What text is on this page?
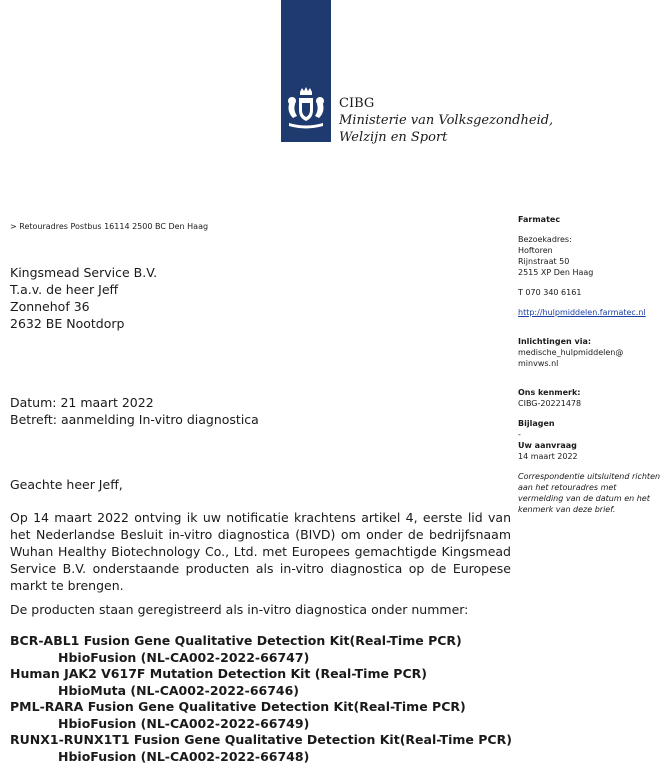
CIBG
Ministerie van Volksgezondheid,
Welzijn en Sport
> Retouradres Postbus 16114 2500 BC Den Haag
Farmatec
Bezoekadres:
Hoftoren
Rijnstraat 50
2515 XP Den Haag
T 070 340 6161
http://hulpmiddelen.farmatec.nl
Inlichtingen via:
medische_hulpmiddelen@
minvws.nl
Ons kenmerk:
CIBG-20221478
Bijlagen
-
Uw aanvraag
14 maart 2022
Correspondentie uitsluitend richten aan het retouradres met vermelding van de datum en het kenmerk van deze brief.
Kingsmead Service B.V.
T.a.v. de heer Jeff
Zonnehof 36
2632 BE Nootdorp
Datum: 21 maart 2022
Betreft: aanmelding In-vitro diagnostica
Geachte heer Jeff,
Op 14 maart 2022 ontving ik uw notificatie krachtens artikel 4, eerste lid van het Nederlandse Besluit in-vitro diagnostica (BIVD) om onder de bedrijfsnaam Wuhan Healthy Biotechnology Co., Ltd. met Europees gemachtigde Kingsmead Service B.V. onderstaande producten als in-vitro diagnostica op de Europese markt te brengen.
De producten staan geregistreerd als in-vitro diagnostica onder nummer:
BCR-ABL1 Fusion Gene Qualitative Detection Kit(Real-Time PCR)
HbioFusion (NL-CA002-2022-66747)
Human JAK2 V617F Mutation Detection Kit (Real-Time PCR)
HbioMuta (NL-CA002-2022-66746)
PML-RARA Fusion Gene Qualitative Detection Kit(Real-Time PCR)
HbioFusion (NL-CA002-2022-66749)
RUNX1-RUNX1T1 Fusion Gene Qualitative Detection Kit(Real-Time PCR)
HbioFusion (NL-CA002-2022-66748)
